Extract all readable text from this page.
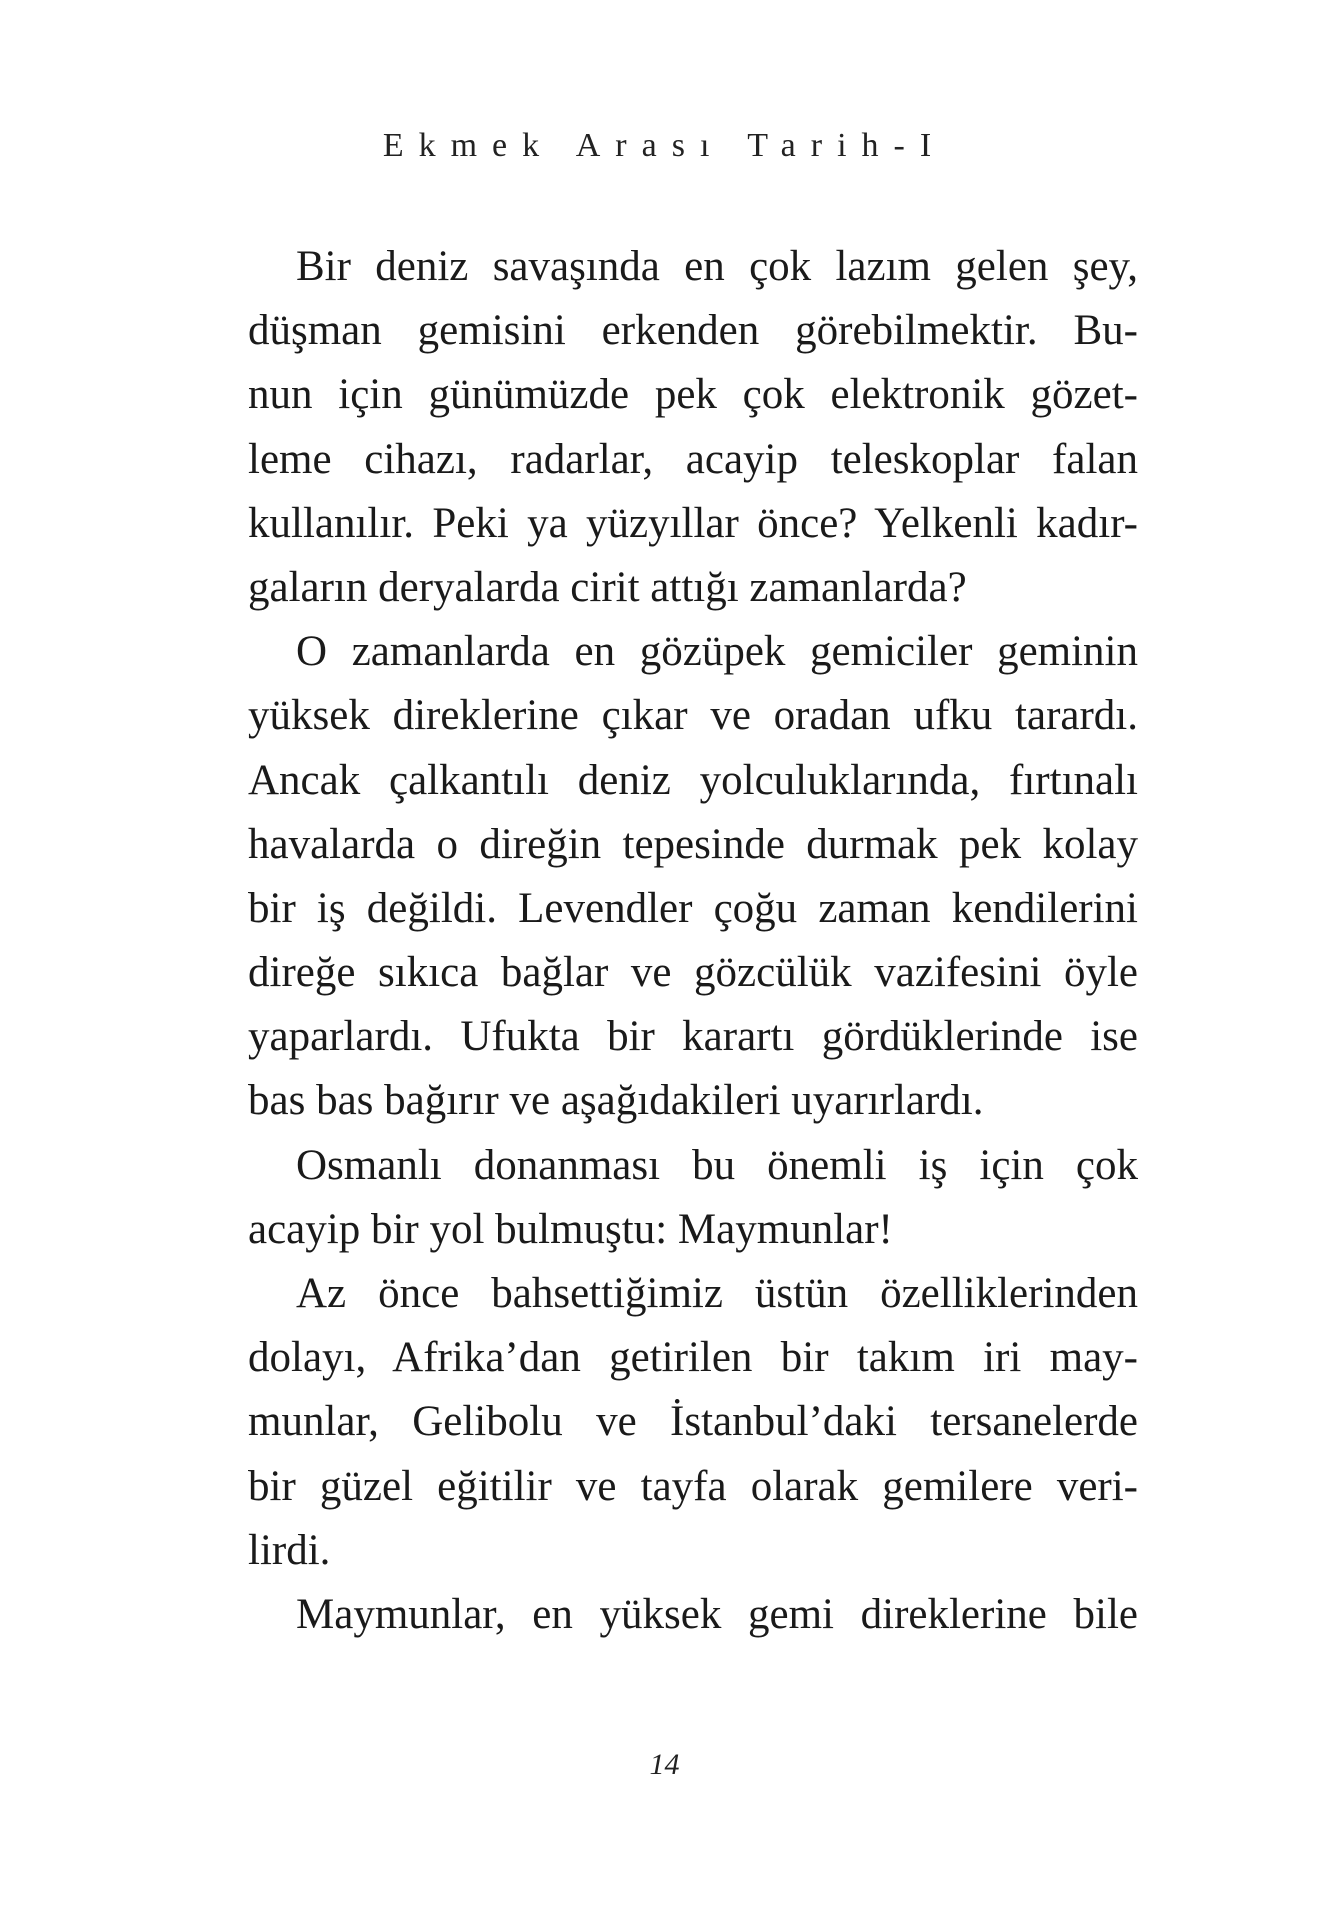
Ekmek Arası Tarih-I
Bir deniz savaşında en çok lazım gelen şey,
düşman gemisini erkenden görebilmektir. Bu-
nun için günümüzde pek çok elektronik gözet-
leme cihazı, radarlar, acayip teleskoplar falan
kullanılır. Peki ya yüzyıllar önce? Yelkenli kadır-
gaların deryalarda cirit attığı zamanlarda?
O zamanlarda en gözüpek gemiciler geminin
yüksek direklerine çıkar ve oradan ufku tarardı.
Ancak çalkantılı deniz yolculuklarında, fırtınalı
havalarda o direğin tepesinde durmak pek kolay
bir iş değildi. Levendler çoğu zaman kendilerini
direğe sıkıca bağlar ve gözcülük vazifesini öyle
yaparlardı. Ufukta bir karartı gördüklerinde ise
bas bas bağırır ve aşağıdakileri uyarırlardı.
Osmanlı donanması bu önemli iş için çok
acayip bir yol bulmuştu: Maymunlar!
Az önce bahsettiğimiz üstün özelliklerinden
dolayı, Afrika’dan getirilen bir takım iri may-
munlar, Gelibolu ve İstanbul’daki tersanelerde
bir güzel eğitilir ve tayfa olarak gemilere veri-
lirdi.
Maymunlar, en yüksek gemi direklerine bile
14
